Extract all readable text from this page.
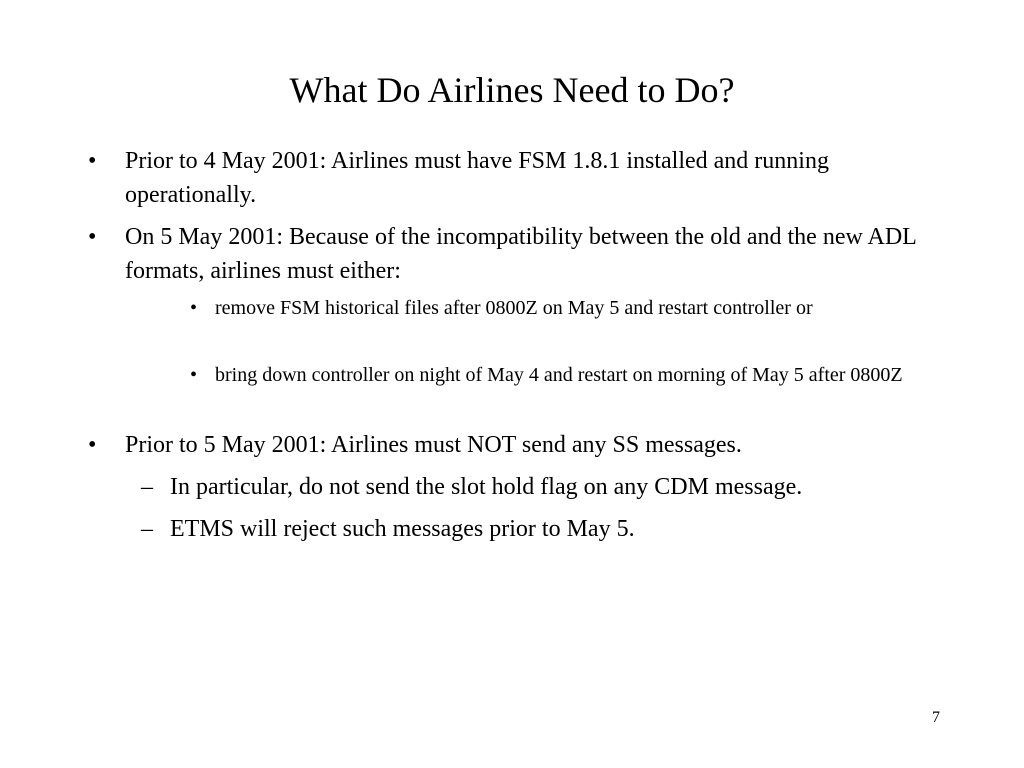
What Do Airlines Need to Do?
• Prior to 4 May 2001: Airlines must have FSM 1.8.1 installed and running operationally.
• On 5 May 2001: Because of the incompatibility between the old and the new ADL formats, airlines must either:
• remove FSM historical files after 0800Z on May 5 and restart controller or
• bring down controller on night of May 4 and restart on morning of May 5 after 0800Z
• Prior to 5 May 2001: Airlines must NOT send any SS messages.
– In particular, do not send the slot hold flag on any CDM message.
– ETMS will reject such messages prior to May 5.
7
